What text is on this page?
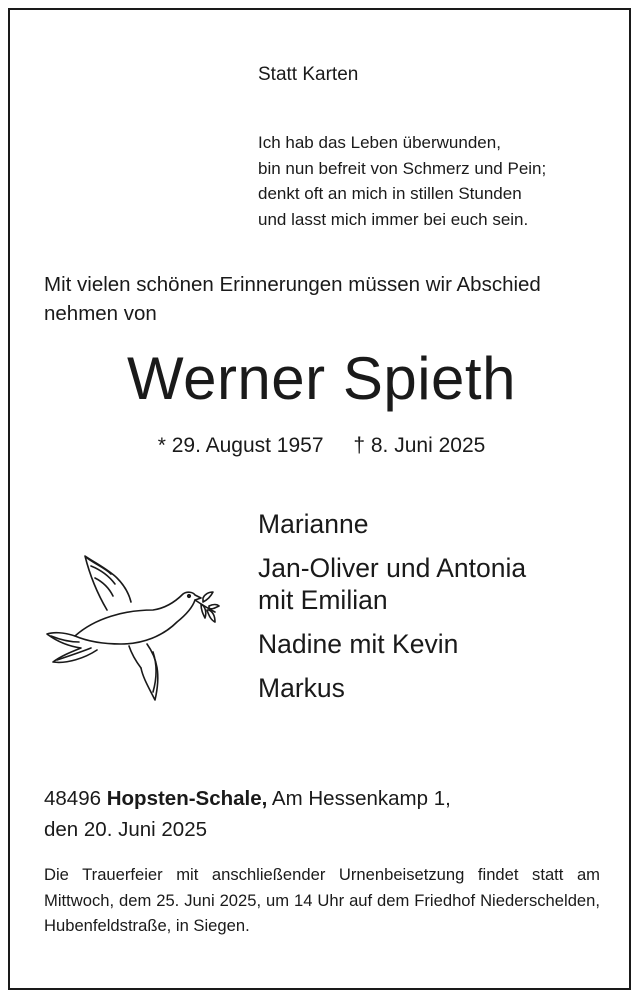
Statt Karten
Ich hab das Leben überwunden,
bin nun befreit von Schmerz und Pein;
denkt oft an mich in stillen Stunden
und lasst mich immer bei euch sein.
Mit vielen schönen Erinnerungen müssen wir Abschied
nehmen von
Werner Spieth
* 29. August 1957 † 8. Juni 2025
Marianne
Jan-Oliver und Antonia
mit Emilian
Nadine mit Kevin
Markus
48496 Hopsten-Schale, Am Hessenkamp 1,
den 20. Juni 2025
Die Trauerfeier mit anschließender Urnenbeisetzung findet statt am Mittwoch, dem 25. Juni 2025, um 14 Uhr auf dem Friedhof Niederschelden, Hubenfeldstraße, in Siegen.
